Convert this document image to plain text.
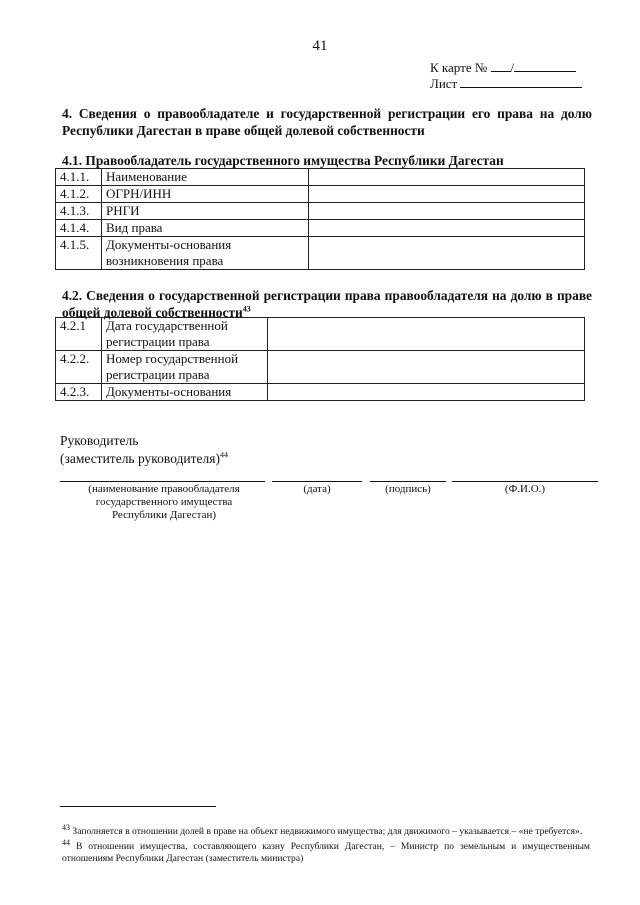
41
К карте № /
Лист
4. Сведения о правообладателе и государственной регистрации его права на долю Республики Дагестан в праве общей долевой собственности
4.1. Правообладатель государственного имущества Республики Дагестан
4.1.1.	Наименование	
4.1.2.	ОГРН/ИНН	
4.1.3.	РНГИ	
4.1.4.	Вид права	
4.1.5.	Документы-основания возникновения права	
4.2. Сведения о государственной регистрации права правообладателя на долю в праве общей долевой собственности$^{43}$
4.2.1	Дата государственной регистрации права	
4.2.2.	Номер государственной регистрации права	
4.2.3.	Документы-основания	
Руководитель
(заместитель руководителя)$^{44}$
(наименование правообладателя государственного имущества Республики Дагестан)
(дата)	(подпись)	(Ф.И.О.)
$^{43}$ Заполняется в отношении долей в праве на объект недвижимого имущества; для движимого – указывается – «не требуется».
$^{44}$ В отношении имущества, составляющего казну Республики Дагестан, – Министр по земельным и имущественным отношениям Республики Дагестан (заместитель министра)
